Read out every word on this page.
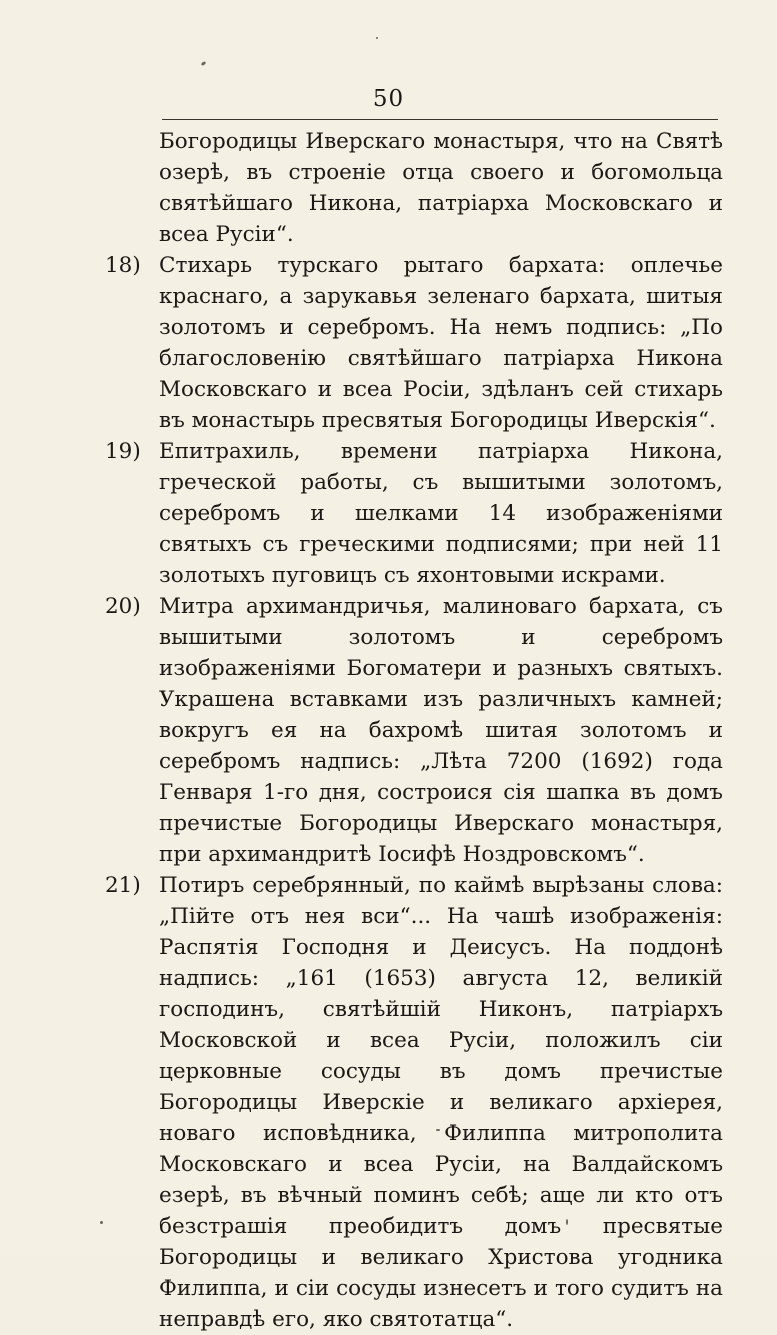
50

Богородицы Иверскаго монастыря, что на Святѣ озерѣ, въ строеніе отца своего и богомольца святѣйшаго Никона, патріарха Московскаго и всеа Русіи“.

18) Стихарь турскаго рытаго бархата: оплечье краснаго, а зарукавья зеленаго бархата, шитыя золотомъ и серебромъ. На немъ подпись: „По благословенію святѣйшаго патріарха Никона Московскаго и всеа Росіи, здѣланъ сей стихарь въ монастырь пресвятыя Богородицы Иверскія“.
19) Епитрахиль, времени патріарха Никона, греческой работы, съ вышитыми золотомъ, серебромъ и шелками 14 изображеніями святыхъ съ греческими подписями; при ней 11 золотыхъ пуговицъ съ яхонтовыми искрами.
20) Митра архимандричья, малиноваго бархата, съ вышитыми золотомъ и серебромъ изображеніями Богоматери и разныхъ святыхъ. Украшена вставками изъ различныхъ камней; вокругъ ея на бахромѣ шитая золотомъ и серебромъ надпись: „Лѣта 7200 (1692) года Генваря 1-го дня, состроися сія шапка въ домъ пречистые Богородицы Иверскаго монастыря, при архимандритѣ Іосифѣ Ноздровскомъ“.
21) Потиръ серебрянный, по каймѣ вырѣзаны слова: „Пійте отъ нея вси“... На чашѣ изображенія: Распятія Господня и Деисусъ. На поддонѣ надпись: „161 (1653) августа 12, великій господинъ, святѣйшій Никонъ, патріархъ Московской и всеа Русіи, положилъ сіи церковные сосуды въ домъ пречистые Богородицы Иверскіе и великаго архіерея, новаго исповѣдника, Филиппа митрополита Московскаго и всеа Русіи, на Валдайскомъ езерѣ, въ вѣчный поминъ себѣ; аще ли кто отъ безстрашія преобидитъ домъ пресвятые Богородицы и великаго Христова угодника Филиппа, и сіи сосуды изнесетъ и того судитъ на неправдѣ его, яко святотатца“.
